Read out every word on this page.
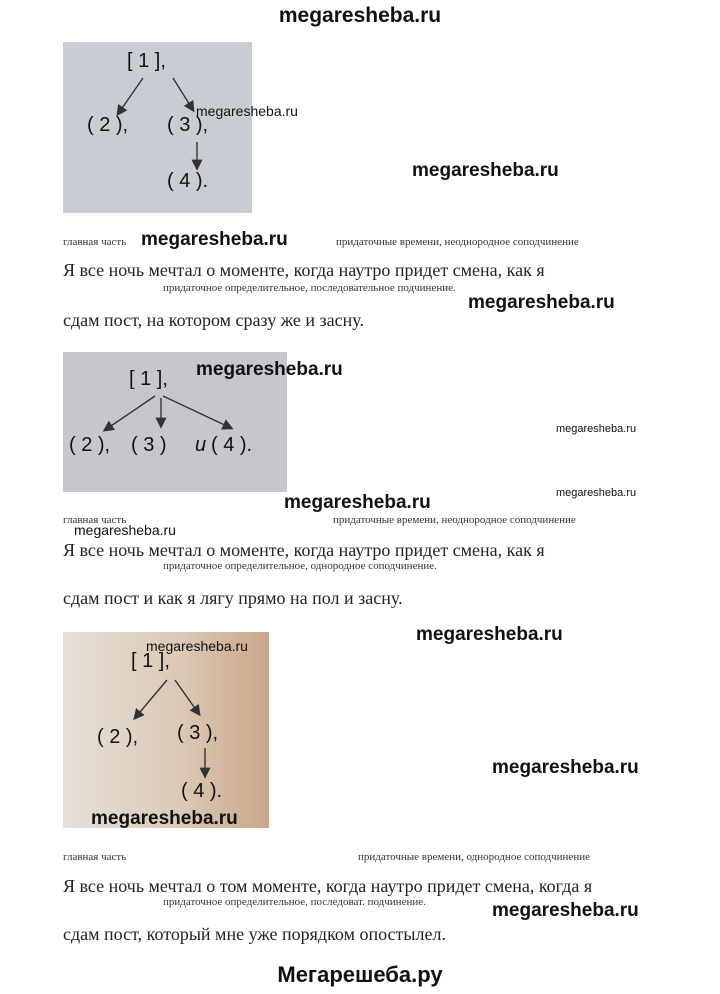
megaresheba.ru
[ 1 ],
( 2 ), ( 3 ),
( 4 ).
megaresheba.ru
megaresheba.ru
главная часть megaresheba.ru	придаточные времени, неоднородное соподчинение
Я все ночь мечтал о моменте, когда наутро придет смена, как я
придаточное определительное, последовательное подчинение.
megaresheba.ru
сдам пост, на котором сразу же и засну.
[ 1 ],
( 2 ), ( 3 ) u ( 4 ).
megaresheba.ru
megaresheba.ru
megaresheba.ru	megaresheba.ru
главная часть
megaresheba.ru
придаточные времени, неоднородное соподчинение
Я все ночь мечтал о моменте, когда наутро придет смена, как я
придаточное определительное, однородное соподчинение.
сдам пост и как я лягу прямо на пол и засну.
[ 1 ],
( 2 ), ( 3 ),
( 4 ).
megaresheba.ru
megaresheba.ru
megaresheba.ru
megaresheba.ru
главная часть	придаточные времени, однородное соподчинение
Я все ночь мечтал о том моменте, когда наутро придет смена, когда я
придаточное определительное, последоват. подчинение.	megaresheba.ru
сдам пост, который мне уже порядком опостылел.
Мегарешеба.ру
